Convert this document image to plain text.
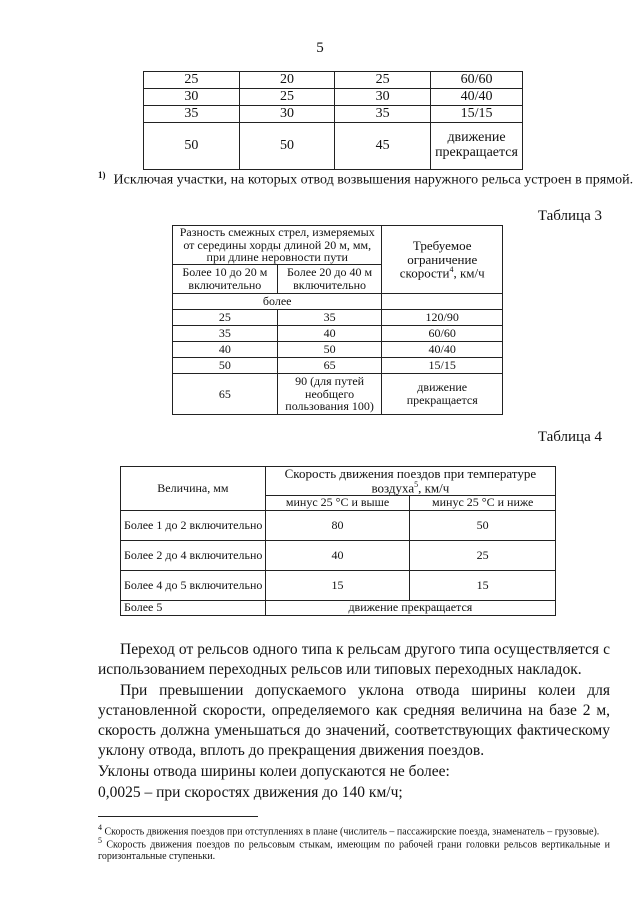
5
25	20	25	60/60
30	25	30	40/40
35	30	35	15/15
50	50	45	движение прекращается
$^{1)}$ Исключая участки, на которых отвод возвышения наружного рельса устроен в прямой.
Таблица 3
Разность смежных стрел, измеряемых от середины хорды длиной 20 м, мм, при длине неровности пути		Требуемое ограничение скорости$^4$, км/ч
Более 10 до 20 м включительно	Более 20 до 40 м включительно	
более		
25	35	120/90
35	40	60/60
40	50	40/40
50	65	15/15
65	90 (для путей необщего пользования 100)	движение прекращается
Таблица 4
Величина, мм	Скорость движения поездов при температуре воздуха$^5$, км/ч	
	минус 25 °С и выше	минус 25 °С и ниже
Более 1 до 2 включительно	80	50
Более 2 до 4 включительно	40	25
Более 4 до 5 включительно	15	15
Более 5	движение прекращается	
Переход от рельсов одного типа к рельсам другого типа осуществляется с использованием переходных рельсов или типовых переходных накладок.
При превышении допускаемого уклона отвода ширины колеи для установленной скорости, определяемого как средняя величина на базе 2 м, скорость должна уменьшаться до значений, соответствующих фактическому уклону отвода, вплоть до прекращения движения поездов.
Уклоны отвода ширины колеи допускаются не более:
0,0025 – при скоростях движения до 140 км/ч;
$^4$ Скорость движения поездов при отступлениях в плане (числитель – пассажирские поезда, знаменатель – грузовые).
$^5$ Скорость движения поездов по рельсовым стыкам, имеющим по рабочей грани головки рельсов вертикальные и горизонтальные ступеньки.
